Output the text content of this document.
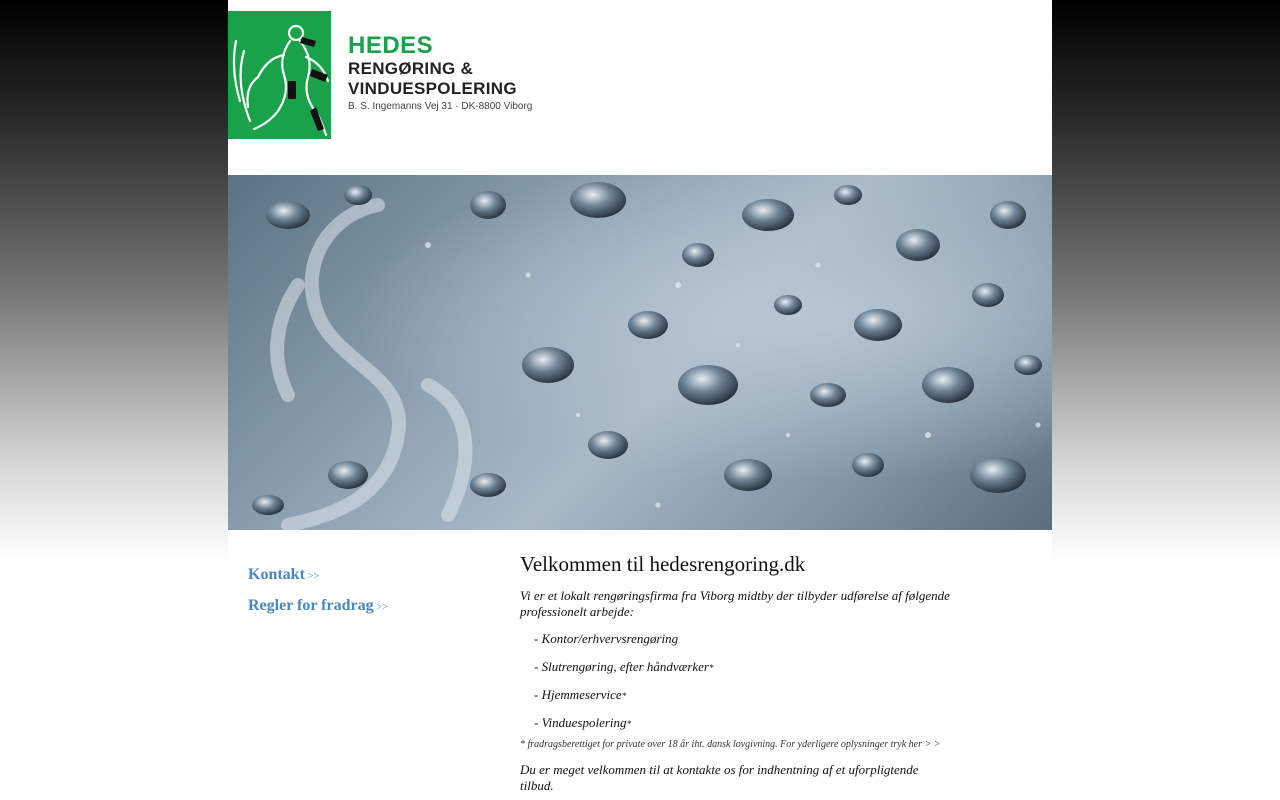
HEDES
RENGØRING &
VINDUESPOLERING
B. S. Ingemanns Vej 31 · DK-8800 Viborg
Kontakt >>
Regler for fradrag >>
Velkommen til hedesrengoring.dk

Vi er et lokalt rengøringsfirma fra Viborg midtby der tilbyder udførelse af følgende professionelt arbejde:

- Kontor/erhvervsrengøring
- Slutrengøring, efter håndværker*
- Hjemmeservice*
- Vinduespolering*
* fradragsberettiget for private over 18 år iht. dansk lovgivning. For yderligere oplysninger tryk her > >

Du er meget velkommen til at kontakte os for indhentning af et uforpligtende tilbud.
